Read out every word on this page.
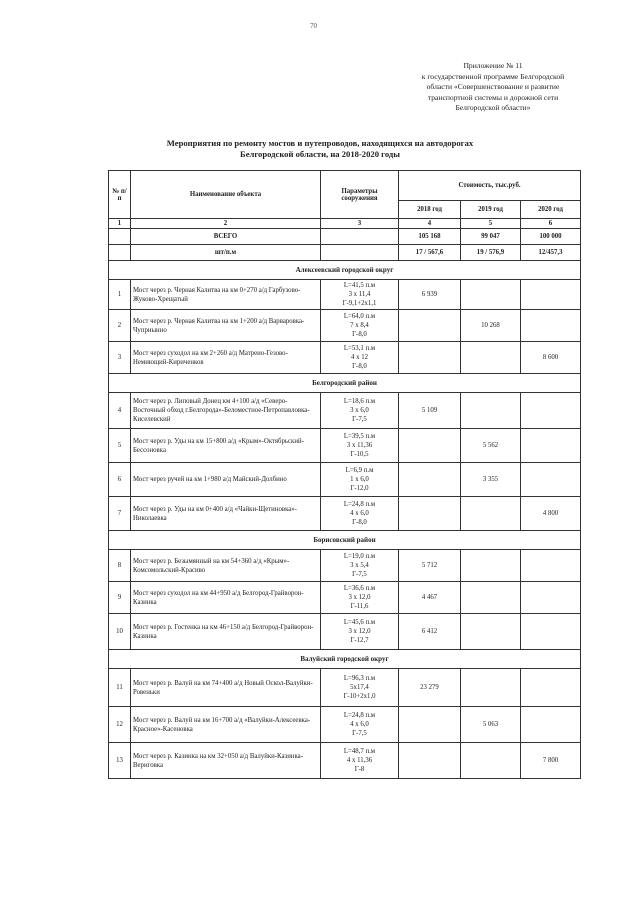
70
Приложение № 11
к государственной программе Белгородской
области «Совершенствование и развитие
транспортной системы и дорожной сети
Белгородской области»
Мероприятия по ремонту мостов и путепроводов, находящихся на автодорогах
Белгородской области, на 2018-2020 годы
№ п/п	Наименование объекта	Параметры сооружения	Стоимость, тыс.руб.		
			2018 год	2019 год	2020 год
1	2	3	4	5	6
	ВСЕГО		105 168	99 047	100 000
	шт/п.м		17 / 567,6	19 / 576,9	12/457,3
Алексеевский городской округ					
1	Мост через р. Черная Калитва на км 0+270 а/д Гарбузово-Жуково-Хрещатый	L=41,5 п.м
3 х 11,4
Г-9,1+2х1,1	6 939		
2	Мост через р. Черная Калитва на км 1+200 а/д Варваровка-Чуприынно	L=64,0 п.м
7 х 8,4
Г-8,0		10 268	
3	Мост через суходол на км 2+260 а/д Матреио-Гезово-Немиющий-Кириченков	L=53,1 п.м
4 х 12
Г-8,0			8 600
Белгородский район					
4	Мост через р. Липовый Донец км 4+100 а/д «Северо-Восточный обход г.Белгорода»-Беломестное-Петропавловка-Киселевский	L=18,6 п.м
3 х 6,0
Г-7,5	5 109		
5	Мост через р. Уды на км 15+800 а/д «Крым»-Октябрьский-Бессоновка	L=39,5 п.м
3 х 11,36
Г-10,5		5 562	
6	Мост через ручей на км 1+980 а/д Майский-Долбино	L=6,9 п.м
1 х 6,0
Г-12,0		3 355	
7	Мост через р. Уды на км 0+400 а/д «Чайки-Щетиновка»-Николаевка	L=24,8 п.м
4 х 6,0
Г-8,0			4 800
Борисовский район					
8	Мост через р. Безымянный на км 54+360 а/д «Крым»-Комсомольский-Красиво	L=19,0 п.м
3 х 5,4
Г-7,5	5 712		
9	Мост через суходол на км 44+950 а/д Белгород-Грайворон-Казинка	L=36,6 п.м
3 х 12,0
Г-11,6	4 467		
10	Мост через р. Гостенка на км 46+150 а/д Белгород-Грайворон-Казинка	L=45,6 п.м
3 х 12,0
Г-12,7	6 412		
Валуйский городской округ					
11	Мост через р. Валуй на км 74+400 а/д Новый Оскол-Валуйки-Ровеньки	L=96,3 п.м
5х17,4
Г-10+2х1,0	23 279		
12	Мост через р. Валуй на км 16+700 а/д «Валуйки-Алексеевка-Красное»-Касеновка	L=24,8 п.м
4 х 6,0
Г-7,5		5 063	
13	Мост через р. Казинка на км 32+050 а/д Валуйки-Казинка-Вериговка	L=48,7 п.м
4 х 11,36
Г-8			7 800
